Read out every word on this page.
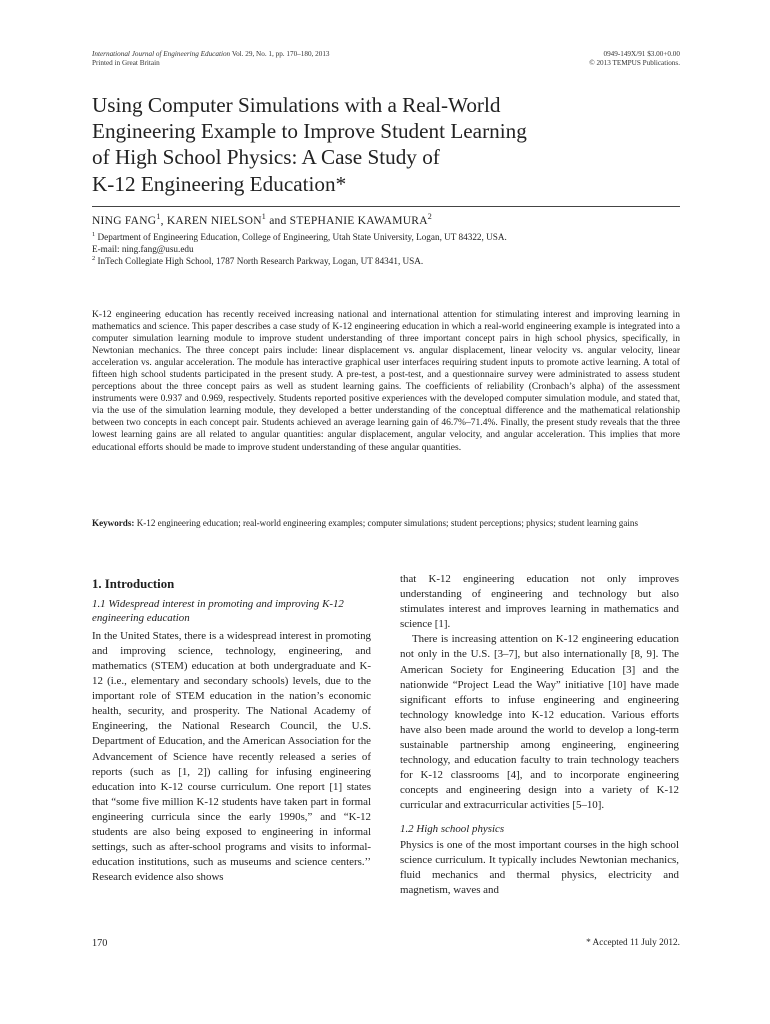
International Journal of Engineering Education Vol. 29, No. 1, pp. 170–180, 2013
Printed in Great Britain
0949-149X/91 $3.00+0.00
© 2013 TEMPUS Publications.
Using Computer Simulations with a Real-World
Engineering Example to Improve Student Learning
of High School Physics: A Case Study of
K-12 Engineering Education*
NING FANG$^1$, KAREN NIELSON$^1$ and STEPHANIE KAWAMURA$^2$
$^1$ Department of Engineering Education, College of Engineering, Utah State University, Logan, UT 84322, USA.
E-mail: ning.fang@usu.edu
$^2$ InTech Collegiate High School, 1787 North Research Parkway, Logan, UT 84341, USA.
K-12 engineering education has recently received increasing national and international attention for stimulating interest and improving learning in mathematics and science. This paper describes a case study of K-12 engineering education in which a real-world engineering example is integrated into a computer simulation learning module to improve student understanding of three important concept pairs in high school physics, specifically, in Newtonian mechanics. The three concept pairs include: linear displacement vs. angular displacement, linear velocity vs. angular velocity, linear acceleration vs. angular acceleration. The module has interactive graphical user interfaces requiring student inputs to promote active learning. A total of fifteen high school students participated in the present study. A pre-test, a post-test, and a questionnaire survey were administrated to assess student perceptions about the three concept pairs as well as student learning gains. The coefficients of reliability (Cronbach’s alpha) of the assessment instruments were 0.937 and 0.969, respectively. Students reported positive experiences with the developed computer simulation module, and stated that, via the use of the simulation learning module, they developed a better understanding of the conceptual difference and the mathematical relationship between two concepts in each concept pair. Students achieved an average learning gain of 46.7%–71.4%. Finally, the present study reveals that the three lowest learning gains are all related to angular quantities: angular displacement, angular velocity, and angular acceleration. This implies that more educational efforts should be made to improve student understanding of these angular quantities.
Keywords: K-12 engineering education; real-world engineering examples; computer simulations; student perceptions; physics; student learning gains

1. Introduction

1.1 Widespread interest in promoting and improving K-12 engineering education

In the United States, there is a widespread interest in promoting and improving science, technology, engineering, and mathematics (STEM) education at both undergraduate and K-12 (i.e., elementary and secondary schools) levels, due to the important role of STEM education in the nation’s economic health, security, and prosperity. The National Academy of Engineering, the National Research Council, the U.S. Department of Education, and the American Association for the Advancement of Science have recently released a series of reports (such as [1, 2]) calling for infusing engineering education into K-12 course curriculum. One report [1] states that “some five million K-12 students have taken part in formal engineering curricula since the early 1990s,” and “K-12 students are also being exposed to engineering in informal settings, such as after-school programs and visits to informal-education institutions, such as museums and science centers.’’ Research evidence also shows

that K-12 engineering education not only improves understanding of engineering and technology but also stimulates interest and improves learning in mathematics and science [1].

There is increasing attention on K-12 engineering education not only in the U.S. [3–7], but also internationally [8, 9]. The American Society for Engineering Education [3] and the nationwide “Project Lead the Way” initiative [10] have made significant efforts to infuse engineering and engineering technology knowledge into K-12 education. Various efforts have also been made around the world to develop a long-term sustainable partnership among engineering, engineering technology, and education faculty to train technology teachers for K-12 classrooms [4], and to incorporate engineering concepts and engineering design into a variety of K-12 curricular and extracurricular activities [5–10].

1.2 High school physics

Physics is one of the most important courses in the high school science curriculum. It typically includes Newtonian mechanics, fluid mechanics and thermal physics, electricity and magnetism, waves and

170	* Accepted 11 July 2012.
